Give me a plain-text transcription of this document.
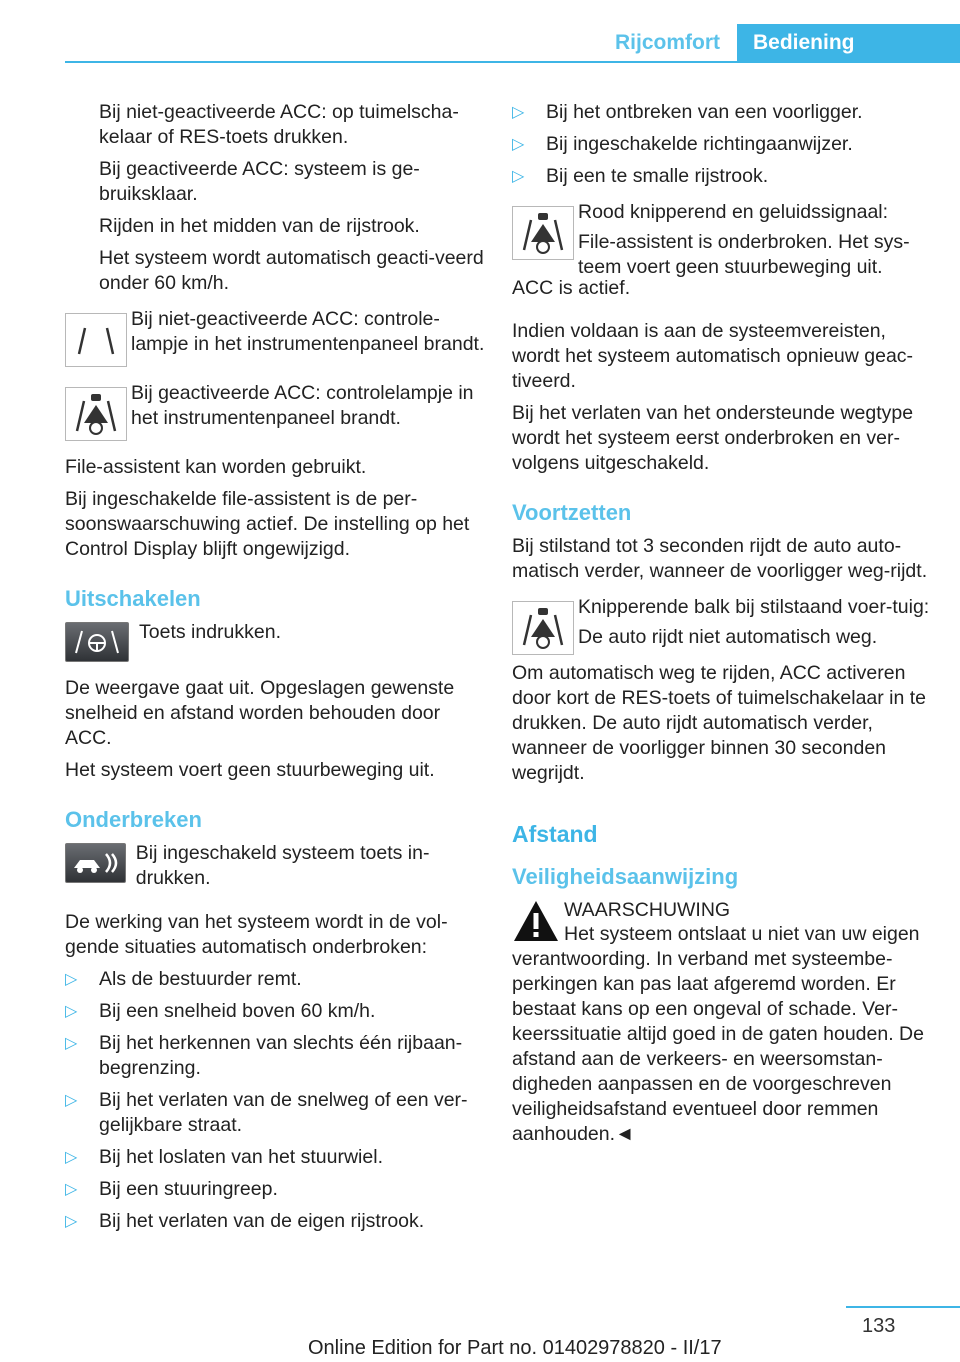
Rijcomfort	Bediening

Bij niet-geactiveerde ACC: op tuimelscha-kelaar of RES-toets drukken.

Bij geactiveerde ACC: systeem is ge-bruiksklaar.

Rijden in het midden van de rijstrook.

Het systeem wordt automatisch geacti-veerd onder 60 km/h.

Bij niet-geactiveerde ACC: controle-lampje in het instrumentenpaneel brandt.

Bij geactiveerde ACC: controlelampje in het instrumentenpaneel brandt.

File-assistent kan worden gebruikt.

Bij ingeschakelde file-assistent is de per-soonswaarschuwing actief. De instelling op het Control Display blijft ongewijzigd.

Uitschakelen

Toets indrukken.

De weergave gaat uit. Opgeslagen gewenste snelheid en afstand worden behouden door ACC.

Het systeem voert geen stuurbeweging uit.

Onderbreken

Bij ingeschakeld systeem toets in-drukken.

De werking van het systeem wordt in de vol-gende situaties automatisch onderbroken:

▷ Als de bestuurder remt.
▷ Bij een snelheid boven 60 km/h.
▷ Bij het herkennen van slechts één rijbaan-begrenzing.
▷ Bij het verlaten van de snelweg of een ver-gelijkbare straat.
▷ Bij het loslaten van het stuurwiel.
▷ Bij een stuuringreep.
▷ Bij het verlaten van de eigen rijstrook.
▷ Bij het ontbreken van een voorligger.
▷ Bij ingeschakelde richtingaanwijzer.
▷ Bij een te smalle rijstrook.

Rood knipperend en geluidssignaal:

File-assistent is onderbroken. Het sys-teem voert geen stuurbeweging uit.

ACC is actief.

Indien voldaan is aan de systeemvereisten, wordt het systeem automatisch opnieuw geac-tiveerd.

Bij het verlaten van het ondersteunde wegtype wordt het systeem eerst onderbroken en ver-volgens uitgeschakeld.

Voortzetten

Bij stilstand tot 3 seconden rijdt de auto auto-matisch verder, wanneer de voorligger weg-rijdt.

Knipperende balk bij stilstaand voer-tuig:

De auto rijdt niet automatisch weg.

Om automatisch weg te rijden, ACC activeren door kort de RES-toets of tuimelschakelaar in te drukken. De auto rijdt automatisch verder, wanneer de voorligger binnen 30 seconden wegrijdt.

Afstand
Veiligheidsaanwijzing

WAARSCHUWING

Het systeem ontslaat u niet van uw eigen verantwoording. In verband met systeembe-perkingen kan pas laat afgeremd worden. Er bestaat kans op een ongeval of schade. Ver-keerssituatie altijd goed in de gaten houden. De afstand aan de verkeers- en weersomstan-digheden aanpassen en de voorgeschreven veiligheidsafstand eventueel door remmen aanhouden.◄

133
Online Edition for Part no. 01402978820 - II/17
